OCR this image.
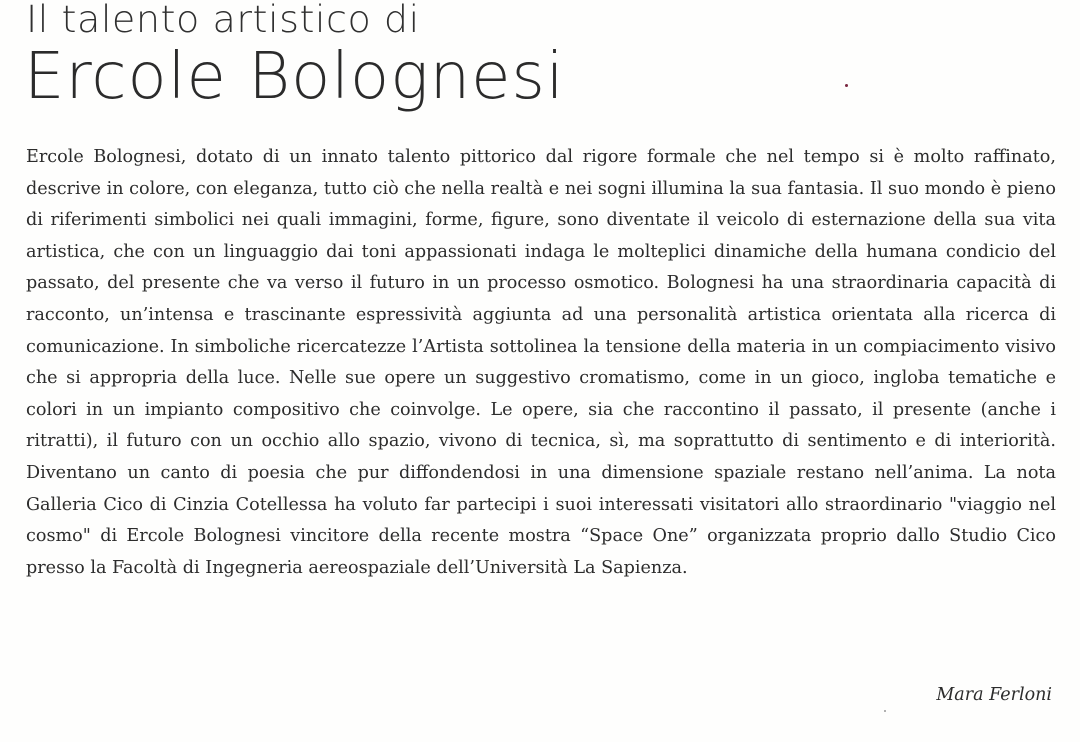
Il talento artistico di
Ercole Bolognesi

Ercole Bolognesi, dotato di un innato talento pittorico dal rigore formale che nel tempo si è molto raffinato, descrive in colore, con eleganza, tutto ciò che nella realtà e nei sogni illumina la sua fantasia. Il suo mondo è pieno di riferimenti simbolici nei quali immagini, forme, figure, sono diventate il veicolo di esternazione della sua vita artistica, che con un linguaggio dai toni appassionati indaga le molteplici dinamiche della humana condicio del passato, del presente che va verso il futuro in un processo osmotico. Bolognesi ha una straordinaria capacità di racconto, un’intensa e trascinante espressività aggiunta ad una personalità artistica orientata alla ricerca di comunicazione. In simboliche ricercatezze l’Artista sottolinea la tensione della materia in un compiacimento visivo che si appropria della luce. Nelle sue opere un suggestivo cromatismo, come in un gioco, ingloba tematiche e colori in un impianto compositivo che coinvolge. Le opere, sia che raccontino il passato, il presente (anche i ritratti), il futuro con un occhio allo spazio, vivono di tecnica, sì, ma soprattutto di sentimento e di interiorità. Diventano un canto di poesia che pur diffondendosi in una dimensione spaziale restano nell’anima. La nota Galleria Cico di Cinzia Cotellessa ha voluto far partecipi i suoi interessati visitatori allo straordinario "viaggio nel cosmo" di Ercole Bolognesi vincitore della recente mostra “Space One” organizzata proprio dallo Studio Cico presso la Facoltà di Ingegneria aereospaziale dell’Università La Sapienza.

Mara Ferloni
